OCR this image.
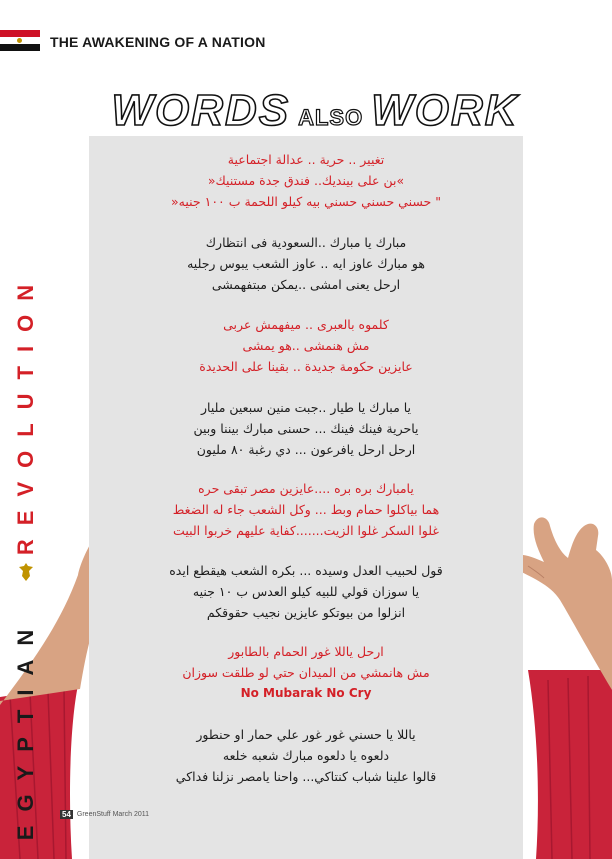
THE AWAKENING OF A NATION
WORDS ALSO WORK
تغيير .. حرية .. عدالة اجتماعية
»بن على بينديك.. فندق جدة مستنيك«
" حسني حسني حسني بيه كيلو اللحمة ب ١٠٠ جنيه«
مبارك يا مبارك ..السعودية فى انتظارك
هو مبارك عاوز ايه .. عاوز الشعب يبوس رجليه
ارحل يعنى امشى ..يمكن مبتفهمشى
كلموه بالعبرى .. ميفهمش عربى
مش هنمشى ..هو يمشى
عايزين حكومة جديدة .. بقينا على الحديدة
يا مبارك يا طيار ..جبت منين سبعين مليار
ياحرية فينك فينك ... حسنى مبارك بيننا وبين
ارحل ارحل يافرعون ... دي رغبة ٨٠ مليون
يامبارك بره بره ....عايزين مصر تبقى حره
هما بياكلوا حمام وبط ... وكل الشعب جاء له الضغط
غلوا السكر غلوا الزيت.......كفاية عليهم خربوا البيت
قول لحبيب العدل وسيده ... بكره الشعب هيقطع ايده
يا سوزان قولي للبيه كيلو العدس ب ١٠ جنيه
انزلوا من بيوتكو عايزين نجيب حقوقكم
ارحل ياللا غور الحمام بالطابور
مش هانمشي من الميدان حتي لو طلقت سوزان
No Mubarak No Cry
ياللا يا حسني غور غور علي حمار او حنطور
دلعوه يا دلعوه مبارك شعبه خلعه
قالوا علينا شباب كنتاكي... واحنا يامصر نزلنا فداكي
REVOLUTION
EGYPTIAN	54 GreenStuff March 2011
